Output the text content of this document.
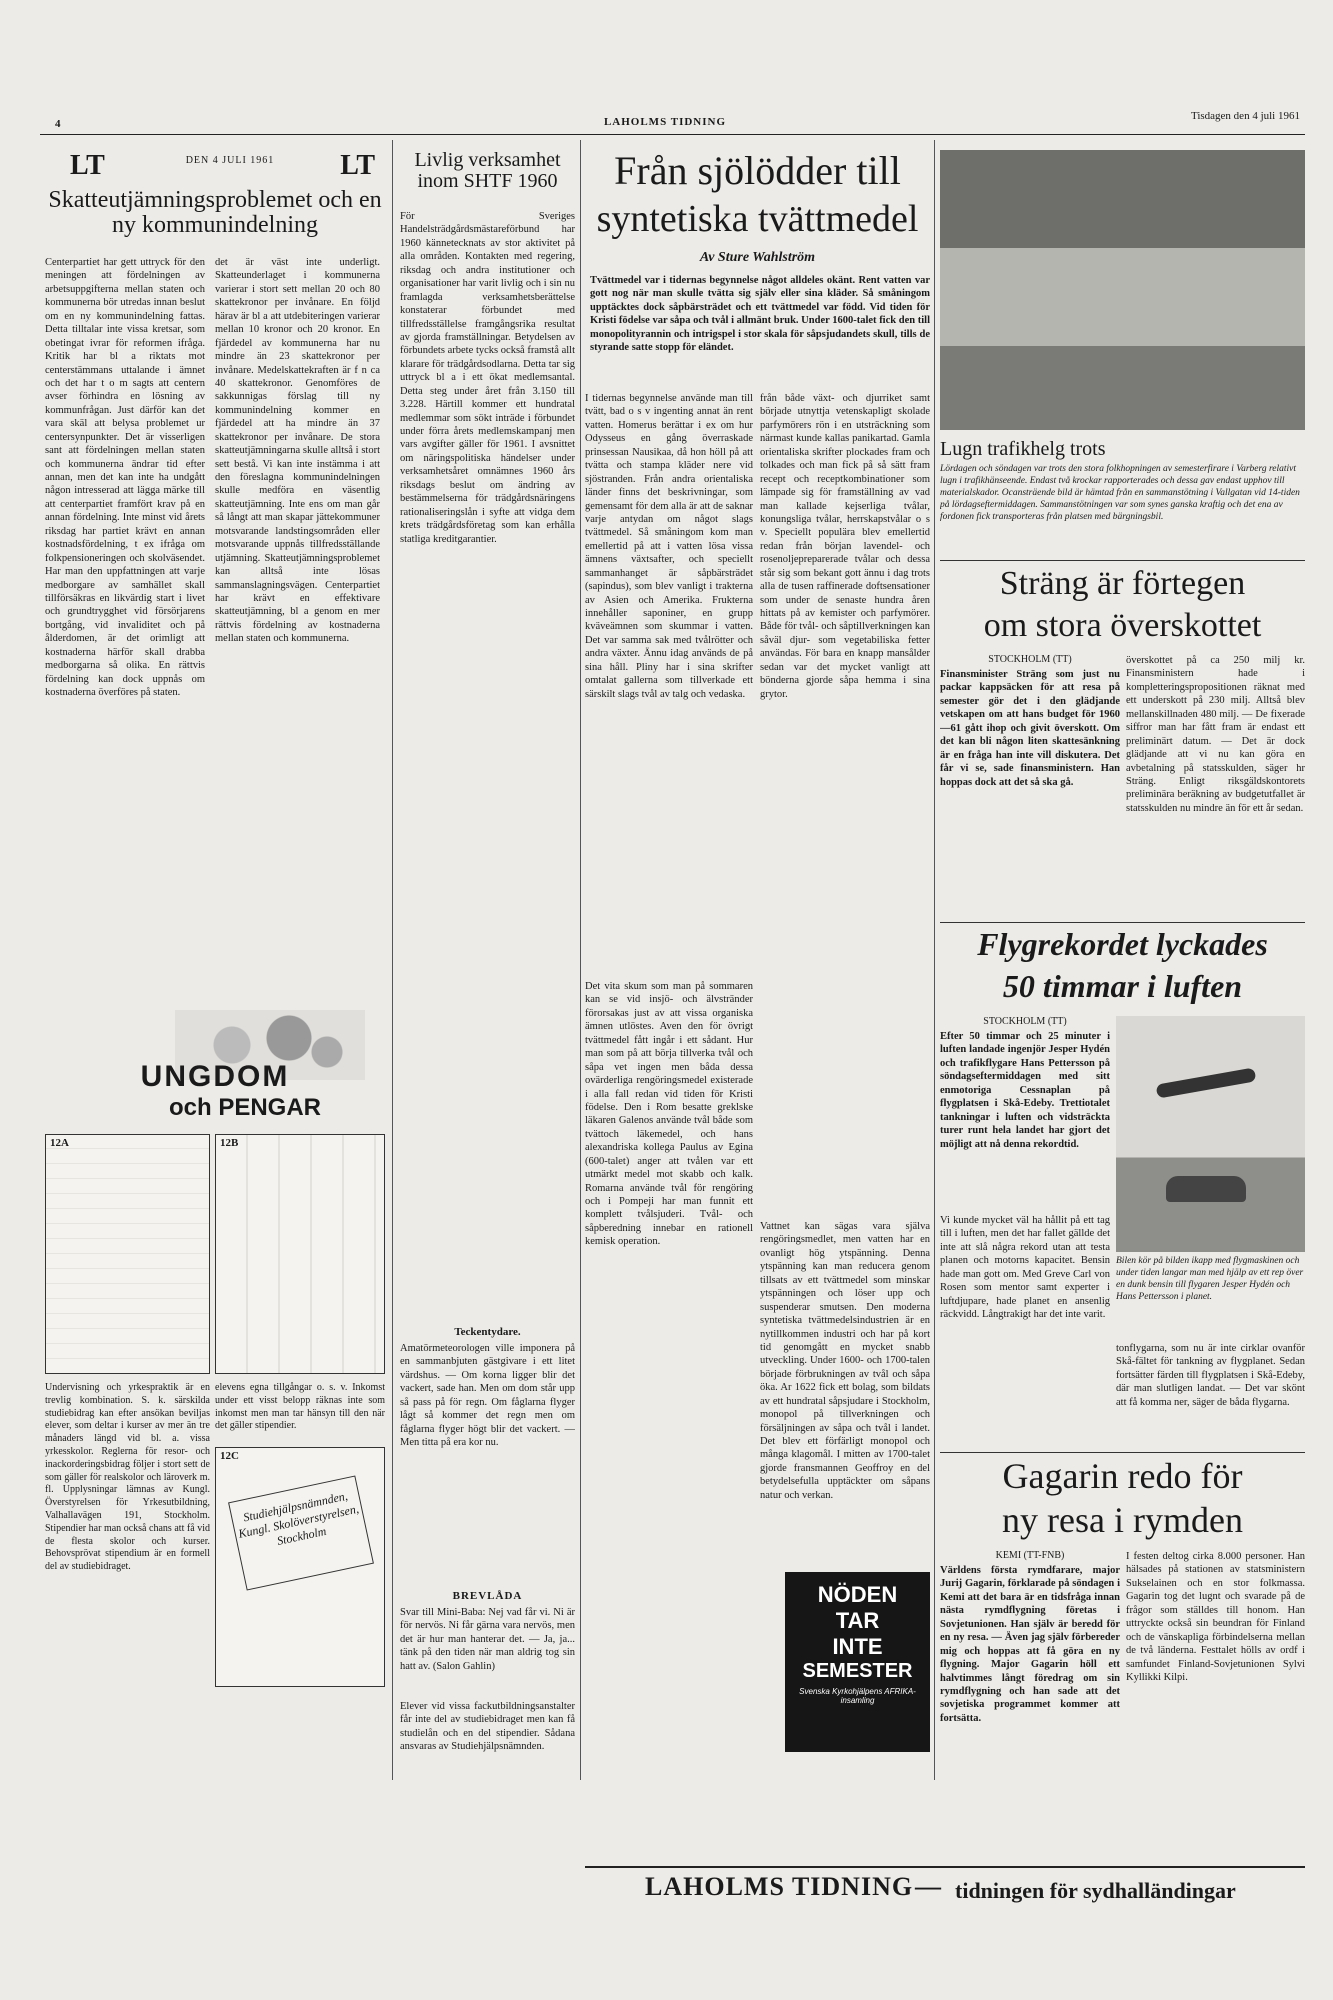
4	LAHOLMS TIDNING	Tisdagen den 4 juli 1961
LT	DEN 4 JULI 1961	LT
Skatteutjämningsproblemet och en ny kommunindelning
Centerpartiet har gett uttryck för den meningen att fördelningen av arbetsuppgifterna mellan staten och kommunerna bör utredas innan beslut om en ny kommunindelning fattas. Detta tilltalar inte vissa kretsar, som obetingat ivrar för reformen ifråga. Kritik har bl a riktats mot centerstämmans uttalande i ämnet och det har t o m sagts att centern avser förhindra en lösning av kommunfrågan. Just därför kan det vara skäl att belysa problemet ur centersynpunkter. Det är visserligen sant att fördelningen mellan staten och kommunerna ändrar tid efter annan, men det kan inte ha undgått någon intresserad att lägga märke till att centerpartiet framfört krav på en annan fördelning. Inte minst vid årets riksdag har partiet krävt en annan kostnadsfördelning, t ex ifråga om folkpensioneringen och skolväsendet. Har man den uppfattningen att varje medborgare av samhället skall tillförsäkras en likvärdig start i livet och grundtrygghet vid försörjarens bortgång, vid invaliditet och på ålderdomen, är det orimligt att kostnaderna härför skall drabba medborgarna så olika. En rättvis fördelning kan dock uppnås om kostnaderna överföres på staten.
det är väst inte underligt. Skatteunderlaget i kommunerna varierar i stort sett mellan 20 och 80 skattekronor per invånare. En följd härav är bl a att utdebiteringen varierar mellan 10 kronor och 20 kronor. En fjärdedel av kommunerna har nu mindre än 23 skattekronor per invånare. Medelskattekraften är f n ca 40 skattekronor. Genomföres de sakkunnigas förslag till ny kommunindelning kommer en fjärdedel att ha mindre än 37 skattekronor per invånare. De stora skatteutjämningarna skulle alltså i stort sett bestå. Vi kan inte instämma i att den föreslagna kommunindelningen skulle medföra en väsentlig skatteutjämning. Inte ens om man går så långt att man skapar jättekommuner motsvarande landstingsområden eller motsvarande uppnås tillfredsställande utjämning. Skatteutjämningsproblemet kan alltså inte lösas sammanslagningsvägen. Centerpartiet har krävt en effektivare skatteutjämning, bl a genom en mer rättvis fördelning av kostnaderna mellan staten och kommunerna.
UNGDOM
och PENGAR
12A	12B
Undervisning och yrkespraktik är en trevlig kombination. S. k. särskilda studiebidrag kan efter ansökan beviljas elever, som deltar i kurser av mer än tre månaders längd vid bl. a. vissa yrkesskolor. Reglerna för resor- och inackorderingsbidrag följer i stort sett de som gäller för realskolor och läroverk m. fl. Upplysningar lämnas av Kungl. Överstyrelsen för Yrkesutbildning, Valhallavägen 191, Stockholm. Stipendier har man också chans att få vid de flesta skolor och kurser. Behovsprövat stipendium är en formell del av studiebidraget.
elevens egna tillgångar o. s. v. Inkomst under ett visst belopp räknas inte som inkomst men man tar hänsyn till den när det gäller stipendier.
12C
Studiehjälpsnämnden, Kungl. Skolöverstyrelsen, Stockholm
Livlig verksamhet inom SHTF 1960
För Sveriges Handelsträdgårdsmästareförbund har 1960 kännetecknats av stor aktivitet på alla områden. Kontakten med regering, riksdag och andra institutioner och organisationer har varit livlig och i sin nu framlagda verksamhetsberättelse konstaterar förbundet med tillfredsställelse framgångsrika resultat av gjorda framställningar. Betydelsen av förbundets arbete tycks också framstå allt klarare för trädgårdsodlarna. Detta tar sig uttryck bl a i ett ökat medlemsantal. Detta steg under året från 3.150 till 3.228. Härtill kommer ett hundratal medlemmar som sökt inträde i förbundet under förra årets medlemskampanj men vars avgifter gäller för 1961. I avsnittet om näringspolitiska händelser under verksamhetsåret omnämnes 1960 års riksdags beslut om ändring av bestämmelserna för trädgårdsnäringens rationaliseringslån i syfte att vidga dem krets trädgårdsföretag som kan erhålla statliga kreditgarantier.
Teckentydare.
Amatörmeteorologen ville imponera på en sammanbjuten gästgivare i ett litet värdshus. — Om korna ligger blir det vackert, sade han. Men om dom står upp så pass på för regn. Om fåglarna flyger lågt så kommer det regn men om fåglarna flyger högt blir det vackert. — Men titta på era kor nu.
BREVLÅDA
Svar till Mini-Baba: Nej vad får vi. Ni är för nervös. Ni får gärna vara nervös, men det är hur man hanterar det. — Ja, ja... tänk på den tiden när man aldrig tog sin hatt av. (Salon Gahlin)
Elever vid vissa fackutbildningsanstalter får inte del av studiebidraget men kan få studielån och en del stipendier. Sådana ansvaras av Studiehjälpsnämnden.
Från sjölödder till
syntetiska tvättmedel
Av Sture Wahlström
Tvättmedel var i tidernas begynnelse något alldeles okänt. Rent vatten var gott nog när man skulle tvätta sig själv eller sina kläder. Så småningom upptäcktes dock såpbärsträdet och ett tvättmedel var född. Vid tiden för Kristi födelse var såpa och tvål i allmänt bruk. Under 1600-talet fick den till monopolityrannin och intrigspel i stor skala för såpsjudandets skull, tills de styrande satte stopp för eländet.
I tidernas begynnelse använde man till tvätt, bad o s v ingenting annat än rent vatten. Homerus berättar i ex om hur Odysseus en gång överraskade prinsessan Nausikaa, då hon höll på att tvätta och stampa kläder nere vid sjöstranden. Från andra orientaliska länder finns det beskrivningar, som gemensamt för dem alla är att de saknar varje antydan om något slags tvättmedel. Så småningom kom man emellertid på att i vatten lösa vissa ämnens växtsafter, och speciellt sammanhanget är såpbärsträdet (sapindus), som blev vanligt i trakterna av Asien och Amerika. Frukterna innehåller saponiner, en grupp kväveämnen som skummar i vatten. Det var samma sak med tvålrötter och andra växter. Ännu idag används de på sina håll. Pliny har i sina skrifter omtalat gallerna som tillverkade ett särskilt slags tvål av talg och vedaska.
Det vita skum som man på sommaren kan se vid insjö- och älvstränder förorsakas just av att vissa organiska ämnen utlöstes. Aven den för övrigt tvättmedel fått ingår i ett sådant. Hur man som på att börja tillverka tvål och såpa vet ingen men båda dessa ovärderliga rengöringsmedel existerade i alla fall redan vid tiden för Kristi födelse. Den i Rom besatte greklske läkaren Galenos använde tvål både som tvättoch läkemedel, och hans alexandriska kollega Paulus av Egina (600-talet) anger att tvålen var ett utmärkt medel mot skabb och kalk. Romarna använde tvål för rengöring och i Pompeji har man funnit ett komplett tvålsjuderi. Tvål- och såpberedning innebar en rationell kemisk operation.
från både växt- och djurriket samt började utnyttja vetenskapligt skolade parfymörers rön i en utsträckning som närmast kunde kallas panikartad. Gamla orientaliska skrifter plockades fram och tolkades och man fick på så sätt fram recept och receptkombinationer som lämpade sig för framställning av vad man kallade kejserliga tvålar, konungsliga tvålar, herrskapstvålar o s v. Speciellt populära blev emellertid redan från början lavendel- och rosenoljepreparerade tvålar och dessa står sig som bekant gott ännu i dag trots alla de tusen raffinerade doftsensationer som under de senaste hundra åren hittats på av kemister och parfymörer. Både för tvål- och såptillverkningen kan såväl djur- som vegetabiliska fetter användas. För bara en knapp mansålder sedan var det mycket vanligt att bönderna gjorde såpa hemma i sina grytor.
Vattnet kan sägas vara själva rengöringsmedlet, men vatten har en ovanligt hög ytspänning. Denna ytspänning kan man reducera genom tillsats av ett tvättmedel som minskar ytspänningen och löser upp och suspenderar smutsen. Den moderna syntetiska tvättmedelsindustrien är en nytillkommen industri och har på kort tid genomgått en mycket snabb utveckling. Under 1600- och 1700-talen började förbrukningen av tvål och såpa öka. Ar 1622 fick ett bolag, som bildats av ett hundratal såpsjudare i Stockholm, monopol på tillverkningen och försäljningen av såpa och tvål i landet. Det blev ett förfärligt monopol och många klagomål. I mitten av 1700-talet gjorde fransmannen Geoffroy en del betydelsefulla upptäckter om såpans natur och verkan.
NÖDEN
TAR
INTE
SEMESTER
Svenska Kyrkohjälpens AFRIKA-insamling
Lugn trafikhelg trots
Lördagen och söndagen var trots den stora folkhopningen av semesterfirare i Varberg relativt lugn i trafikhänseende. Endast två krockar rapporterades och dessa gav endast upphov till materialskador. Ocansträende bild är hämtad från en sammanstötning i Vallgatan vid 14-tiden på lördagseftermiddagen. Sammanstötningen var som synes ganska kraftig och det ena av fordonen fick transporteras från platsen med bärgningsbil.
Sträng är förtegen
om stora överskottet
STOCKHOLM (TT)
Finansminister Sträng som just nu packar kappsäcken för att resa på semester gör det i den glädjande vetskapen om att hans budget för 1960—61 gått ihop och givit överskott. Om det kan bli någon liten skattesänkning är en fråga han inte vill diskutera. Det får vi se, sade finansministern. Han hoppas dock att det så ska gå.
överskottet på ca 250 milj kr. Finansministern hade i kompletteringspropositionen räknat med ett underskott på 230 milj. Alltså blev mellanskillnaden 480 milj. — De fixerade siffror man har fått fram är endast ett preliminärt datum. — Det är dock glädjande att vi nu kan göra en avbetalning på statsskulden, säger hr Sträng. Enligt riksgäldskontorets preliminära beräkning av budgetutfallet är statsskulden nu mindre än för ett år sedan.
Flygrekordet lyckades
50 timmar i luften
STOCKHOLM (TT)
Efter 50 timmar och 25 minuter i luften landade ingenjör Jesper Hydén och trafikflygare Hans Pettersson på söndagseftermiddagen med sitt enmotoriga Cessnaplan på flygplatsen i Skå-Edeby. Trettiotalet tankningar i luften och vidsträckta turer runt hela landet har gjort det möjligt att nå denna rekordtid.
Vi kunde mycket väl ha hållit på ett tag till i luften, men det har fallet gällde det inte att slå några rekord utan att testa planen och motorns kapacitet. Bensin hade man gott om. Med Greve Carl von Rosen som mentor samt experter i luftdjupare, hade planet en ansenlig räckvidd. Långtrakigt har det inte varit.
Bilen kör på bilden ikapp med flygmaskinen och under tiden langar man med hjälp av ett rep över en dunk bensin till flygaren Jesper Hydén och Hans Pettersson i planet.
tonflygarna, som nu är inte cirklar ovanför Skå-fältet för tankning av flygplanet. Sedan fortsätter färden till flygplatsen i Skå-Edeby, där man slutligen landat. — Det var skönt att få komma ner, säger de båda flygarna.
Gagarin redo för
ny resa i rymden
KEMI (TT-FNB)
Världens första rymdfarare, major Jurij Gagarin, förklarade på söndagen i Kemi att det bara är en tidsfråga innan nästa rymdflygning företas i Sovjetunionen. Han själv är beredd för en ny resa. — Även jag själv förbereder mig och hoppas att få göra en ny flygning. Major Gagarin höll ett halvtimmes långt föredrag om sin rymdflygning och han sade att det sovjetiska programmet kommer att fortsätta.
I festen deltog cirka 8.000 personer. Han hälsades på stationen av statsministern Sukselainen och en stor folkmassa. Gagarin tog det lugnt och svarade på de frågor som ställdes till honom. Han uttryckte också sin beundran för Finland och de vänskapliga förbindelserna mellan de två länderna. Festtalet hölls av ordf i samfundet Finland-Sovjetunionen Sylvi Kyllikki Kilpi.
LAHOLMS TIDNING — tidningen för sydhalländingar
